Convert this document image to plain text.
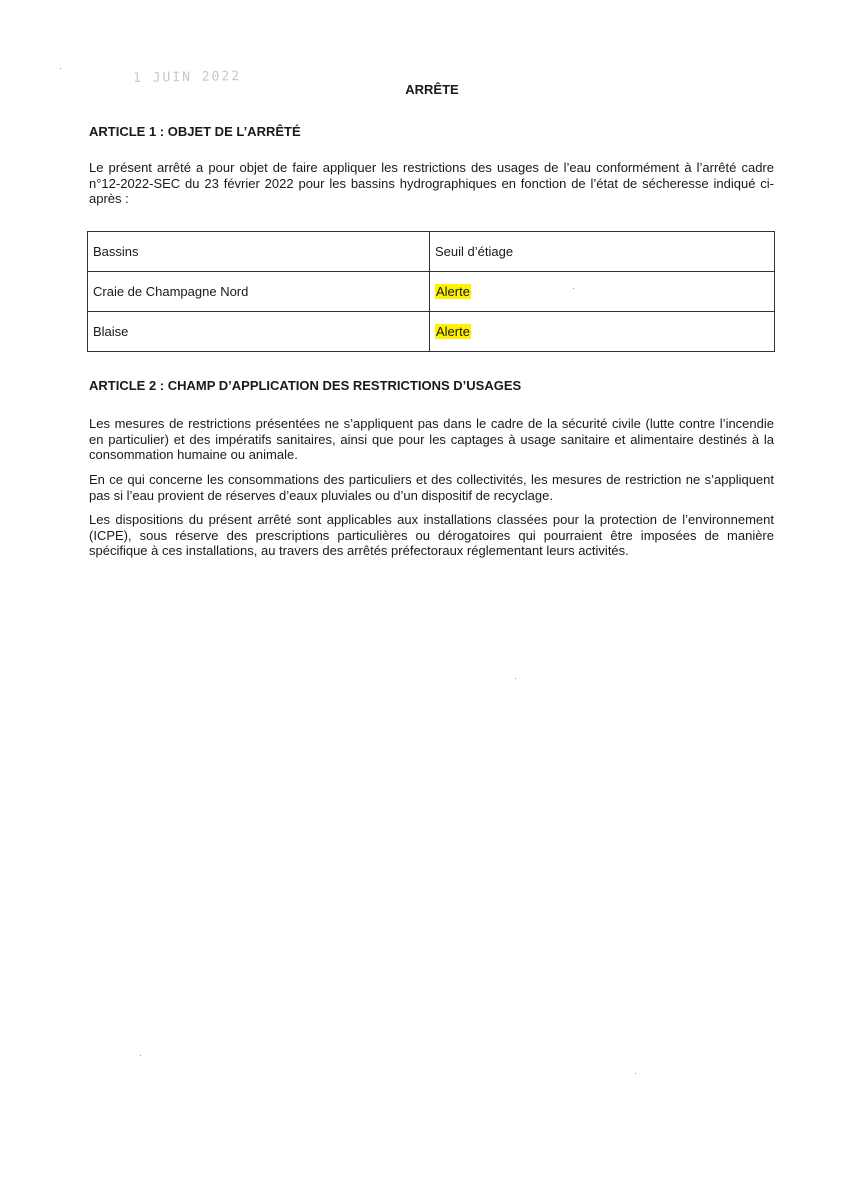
1 JUIN 2022
ARRÊTE
ARTICLE 1 : OBJET DE L’ARRÊTÉ

Le présent arrêté a pour objet de faire appliquer les restrictions des usages de l’eau conformément à l’arrêté cadre n°12-2022-SEC du 23 février 2022 pour les bassins hydrographiques en fonction de l’état de sécheresse indiqué ci-après :

Bassins	Seuil d’étiage
Craie de Champagne Nord	Alerte
Blaise	Alerte
ARTICLE 2 : CHAMP D’APPLICATION DES RESTRICTIONS D’USAGES

Les mesures de restrictions présentées ne s’appliquent pas dans le cadre de la sécurité civile (lutte contre l’incendie en particulier) et des impératifs sanitaires, ainsi que pour les captages à usage sanitaire et alimentaire destinés à la consommation humaine ou animale.

En ce qui concerne les consommations des particuliers et des collectivités, les mesures de restriction ne s’appliquent pas si l’eau provient de réserves d’eaux pluviales ou d’un dispositif de recyclage.

Les dispositions du présent arrêté sont applicables aux installations classées pour la protection de l’environnement (ICPE), sous réserve des prescriptions particulières ou dérogatoires qui pourraient être imposées de manière spécifique à ces installations, au travers des arrêtés préfectoraux réglementant leurs activités.
